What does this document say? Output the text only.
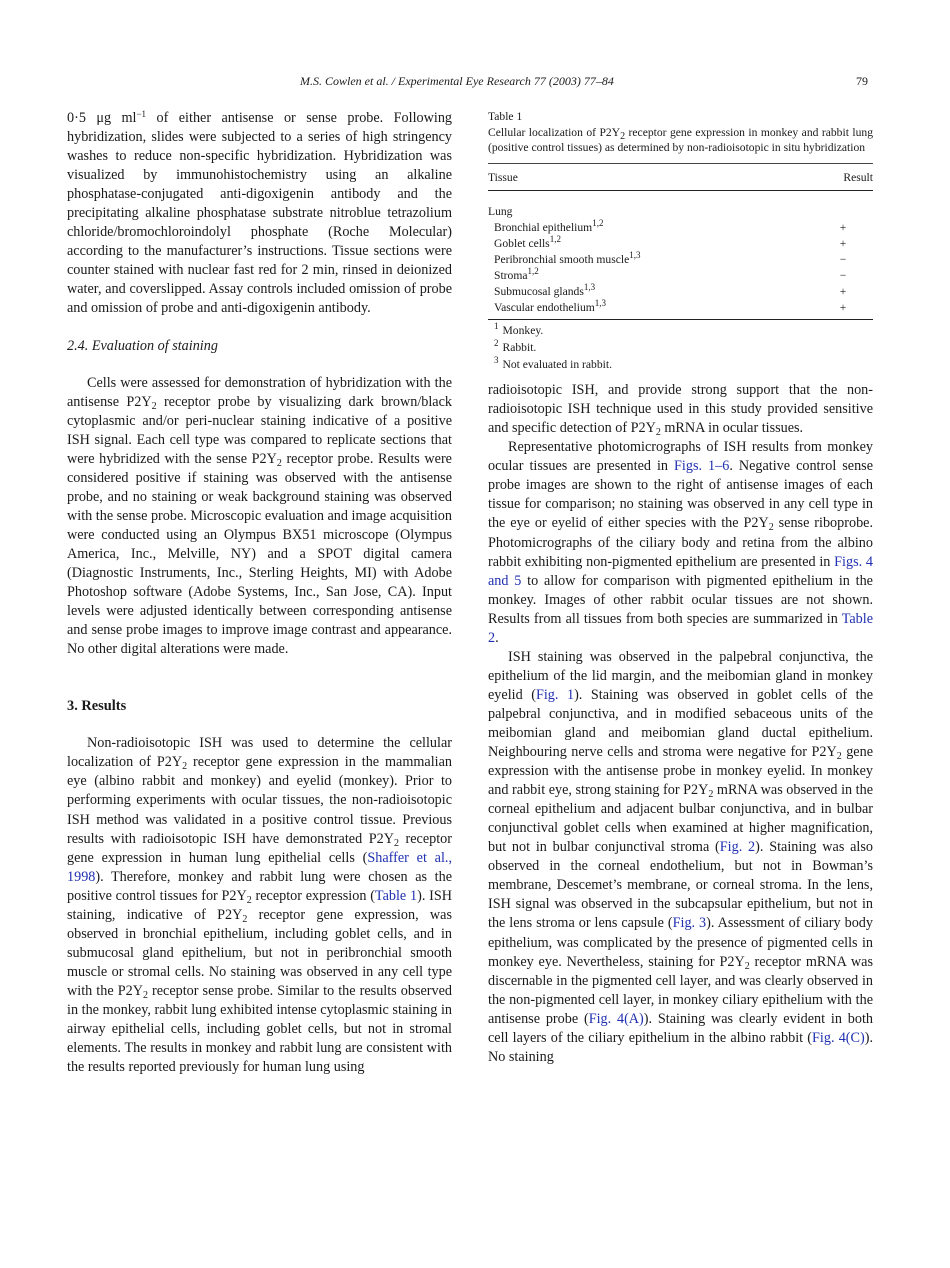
M.S. Cowlen et al. / Experimental Eye Research 77 (2003) 77–84	79

0·5 μg $ml^{-1}$ of either antisense or sense probe. Following hybridization, slides were subjected to a series of high stringency washes to reduce non-specific hybridization. Hybridization was visualized by immunohistochemistry using an alkaline phosphatase-conjugated anti-digoxigenin antibody and the precipitating alkaline phosphatase substrate nitroblue tetrazolium chloride/bromochloroindolyl phosphate (Roche Molecular) according to the manufacturer’s instructions. Tissue sections were counter stained with nuclear fast red for 2 min, rinsed in deionized water, and coverslipped. Assay controls included omission of probe and omission of probe and anti-digoxigenin antibody.

2.4. Evaluation of staining

Cells were assessed for demonstration of hybridization with the antisense $P2Y_2$ receptor probe by visualizing dark brown/black cytoplasmic and/or peri-nuclear staining indicative of a positive ISH signal. Each cell type was compared to replicate sections that were hybridized with the sense $P2Y_2$ receptor probe. Results were considered positive if staining was observed with the antisense probe, and no staining or weak background staining was observed with the sense probe. Microscopic evaluation and image acquisition were conducted using an Olympus BX51 microscope (Olympus America, Inc., Melville, NY) and a SPOT digital camera (Diagnostic Instruments, Inc., Sterling Heights, MI) with Adobe Photoshop software (Adobe Systems, Inc., San Jose, CA). Input levels were adjusted identically between corresponding antisense and sense probe images to improve image contrast and appearance. No other digital alterations were made.

3. Results

Non-radioisotopic ISH was used to determine the cellular localization of $P2Y_2$ receptor gene expression in the mammalian eye (albino rabbit and monkey) and eyelid (monkey). Prior to performing experiments with ocular tissues, the non-radioisotopic ISH method was validated in a positive control tissue. Previous results with radioisotopic ISH have demonstrated $P2Y_2$ receptor gene expression in human lung epithelial cells (Shaffer et al., 1998). Therefore, monkey and rabbit lung were chosen as the positive control tissues for $P2Y_2$ receptor expression (Table 1). ISH staining, indicative of $P2Y_2$ receptor gene expression, was observed in bronchial epithelium, including goblet cells, and in submucosal gland epithelium, but not in peribronchial smooth muscle or stromal cells. No staining was observed in any cell type with the $P2Y_2$ receptor sense probe. Similar to the results observed in the monkey, rabbit lung exhibited intense cytoplasmic staining in airway epithelial cells, including goblet cells, but not in stromal elements. The results in monkey and rabbit lung are consistent with the results reported previously for human lung using

Table 1

Cellular localization of $P2Y_2$ receptor gene expression in monkey and rabbit lung (positive control tissues) as determined by non-radioisotopic in situ hybridization

Tissue	Result
Lung	
Bronchial epithelium$^{1,2}$	+
Goblet cells$^{1,2}$	+
Peribronchial smooth muscle$^{1,3}$	−
Stroma$^{1,2}$	−
Submucosal glands$^{1,3}$	+
Vascular endothelium$^{1,3}$	+
$^1$ Monkey.
$^2$ Rabbit.
$^3$ Not evaluated in rabbit.

radioisotopic ISH, and provide strong support that the non-radioisotopic ISH technique used in this study provided sensitive and specific detection of $P2Y_2$ mRNA in ocular tissues.

Representative photomicrographs of ISH results from monkey ocular tissues are presented in Figs. 1–6. Negative control sense probe images are shown to the right of antisense images of each tissue for comparison; no staining was observed in any cell type in the eye or eyelid of either species with the $P2Y_2$ sense riboprobe. Photomicrographs of the ciliary body and retina from the albino rabbit exhibiting non-pigmented epithelium are presented in Figs. 4 and 5 to allow for comparison with pigmented epithelium in the monkey. Images of other rabbit ocular tissues are not shown. Results from all tissues from both species are summarized in Table 2.

ISH staining was observed in the palpebral conjunctiva, the epithelium of the lid margin, and the meibomian gland in monkey eyelid (Fig. 1). Staining was observed in goblet cells of the palpebral conjunctiva, and in modified sebaceous units of the meibomian gland and meibomian gland ductal epithelium. Neighbouring nerve cells and stroma were negative for $P2Y_2$ gene expression with the antisense probe in monkey eyelid. In monkey and rabbit eye, strong staining for $P2Y_2$ mRNA was observed in the corneal epithelium and adjacent bulbar conjunctiva, and in bulbar conjunctival goblet cells when examined at higher magnification, but not in bulbar conjunctival stroma (Fig. 2). Staining was also observed in the corneal endothelium, but not in Bowman’s membrane, Descemet’s membrane, or corneal stroma. In the lens, ISH signal was observed in the subcapsular epithelium, but not in the lens stroma or lens capsule (Fig. 3). Assessment of ciliary body epithelium, was complicated by the presence of pigmented cells in monkey eye. Nevertheless, staining for $P2Y_2$ receptor mRNA was discernable in the pigmented cell layer, and was clearly observed in the non-pigmented cell layer, in monkey ciliary epithelium with the antisense probe (Fig. 4(A)). Staining was clearly evident in both cell layers of the ciliary epithelium in the albino rabbit (Fig. 4(C)). No staining
